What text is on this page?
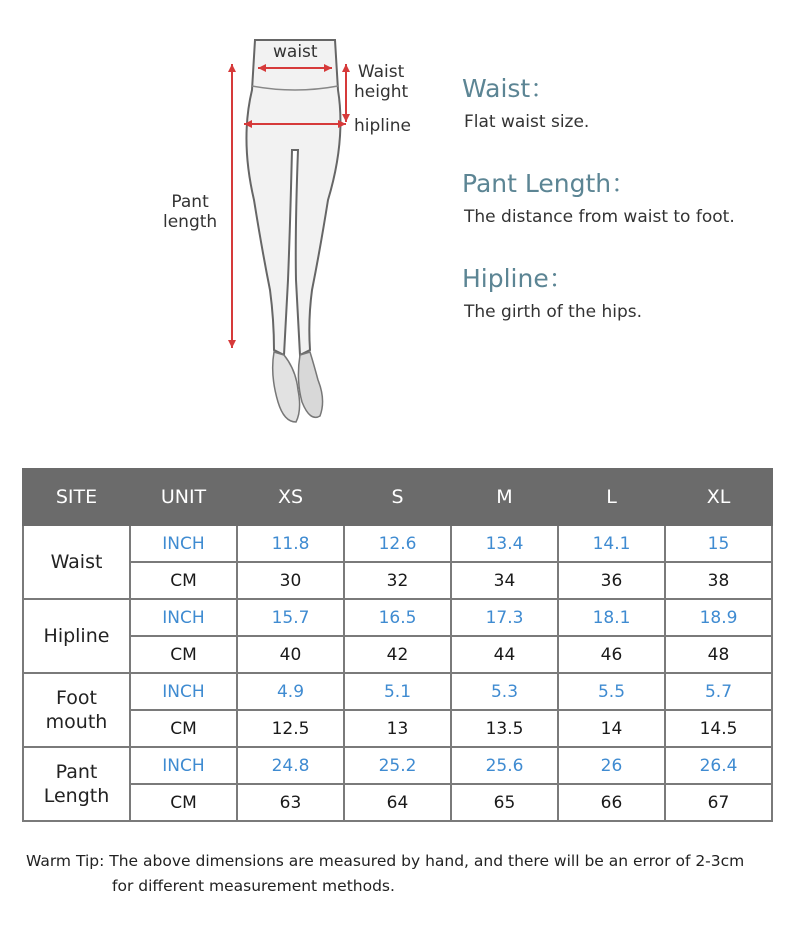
waist
Waist
height
hipline
Pant
length
Waist：
Flat waist size.
Pant Length：
The distance from waist to foot.
Hipline：
The girth of the hips.
SITE	UNIT	XS	S	M	L	XL
Waist	INCH	11.8	12.6	13.4	14.1	15
	CM	30	32	34	36	38
Hipline	INCH	15.7	16.5	17.3	18.1	18.9
	CM	40	42	44	46	48
Foot
mouth	INCH	4.9	5.1	5.3	5.5	5.7
	CM	12.5	13	13.5	14	14.5
Pant
Length	INCH	24.8	25.2	25.6	26	26.4
	CM	63	64	65	66	67
Warm Tip: The above dimensions are measured by hand, and there will be an error of 2-3cm
for different measurement methods.
